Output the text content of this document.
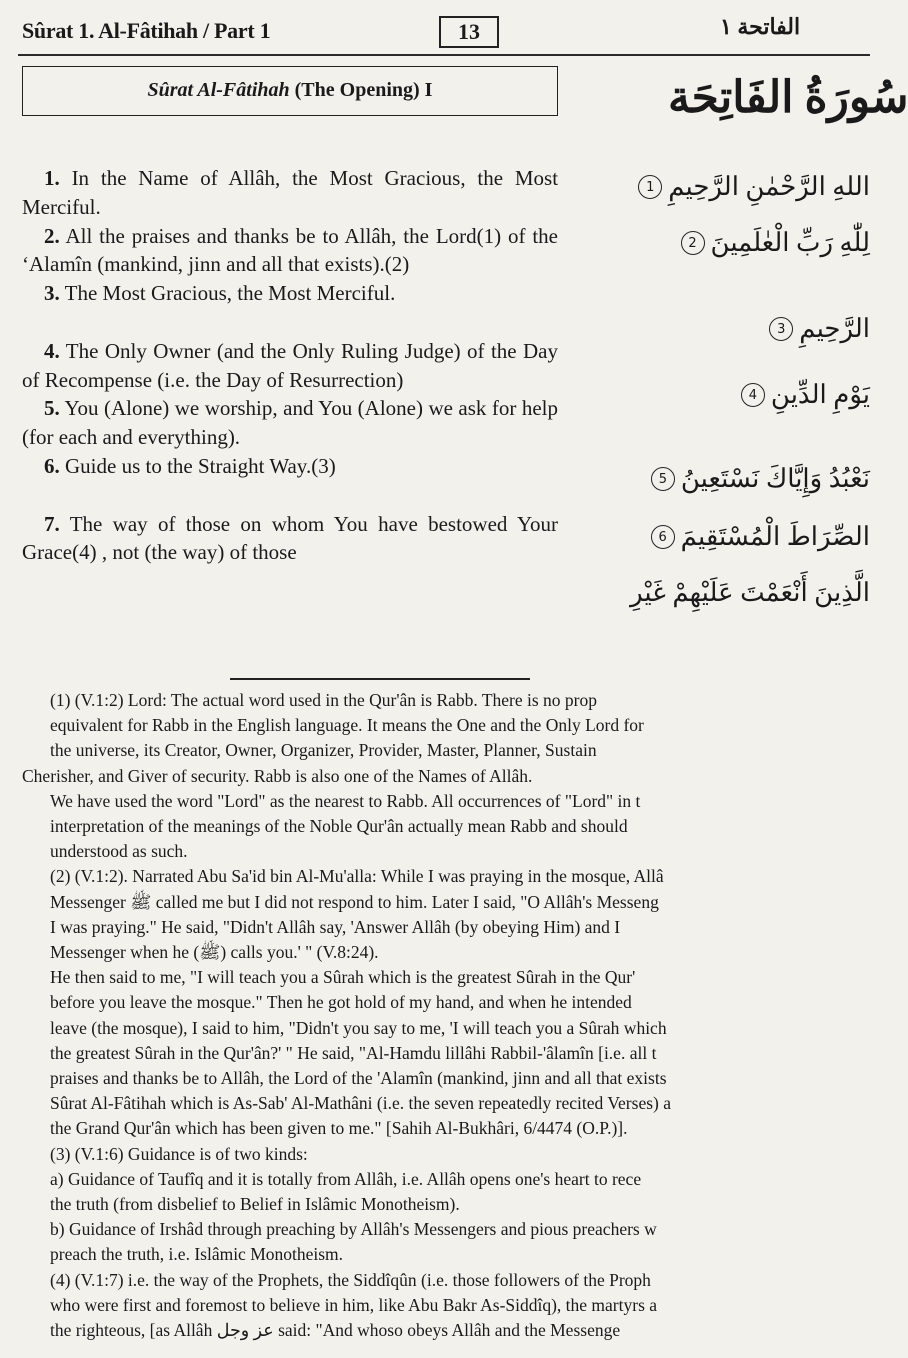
Sûrat 1. Al-Fâtihah / Part 1	13	الفاتحة ١
Sûrat Al-Fâtihah (The Opening) I	سُورَةُ الفَاتِحَة
1. In the Name of Allâh, the Most Gracious, the Most Merciful.
2. All the praises and thanks be to Allâh, the Lord(1) of the ‘Alamîn (mankind, jinn and all that exists).(2)
3. The Most Gracious, the Most Merciful.
4. The Only Owner (and the Only Ruling Judge) of the Day of Recompense (i.e. the Day of Resurrection)
5. You (Alone) we worship, and You (Alone) we ask for help (for each and everything).
6. Guide us to the Straight Way.(3)
7. The way of those on whom You have bestowed Your Grace(4) , not (the way) of those
اللهِ الرَّحْمٰنِ الرَّحِيمِ
1
لِلّٰهِ رَبِّ الْعٰلَمِينَ
2
الرَّحِيمِ
3
يَوْمِ الدِّينِ
4
نَعْبُدُ وَإِيَّاكَ نَسْتَعِينُ
5
الصِّرَاطَ الْمُسْتَقِيمَ
6
الَّذِينَ أَنْعَمْتَ عَلَيْهِمْ غَيْرِ
(1) (V.1:2) Lord: The actual word used in the Qur'ân is Rabb. There is no prop
equivalent for Rabb in the English language. It means the One and the Only Lord for
the universe, its Creator, Owner, Organizer, Provider, Master, Planner, Sustain
Cherisher, and Giver of security. Rabb is also one of the Names of Allâh.
We have used the word "Lord" as the nearest to Rabb. All occurrences of "Lord" in t
interpretation of the meanings of the Noble Qur'ân actually mean Rabb and should
understood as such.
(2) (V.1:2). Narrated Abu Sa'id bin Al-Mu'alla: While I was praying in the mosque, Allâ
Messenger ﷺ called me but I did not respond to him. Later I said, "O Allâh's Messeng
I was praying." He said, "Didn't Allâh say, 'Answer Allâh (by obeying Him) and I
Messenger when he (ﷺ) calls you.' " (V.8:24).
He then said to me, "I will teach you a Sûrah which is the greatest Sûrah in the Qur'
before you leave the mosque." Then he got hold of my hand, and when he intended
leave (the mosque), I said to him, "Didn't you say to me, 'I will teach you a Sûrah which
the greatest Sûrah in the Qur'ân?' " He said, "Al-Hamdu lillâhi Rabbil-'âlamîn [i.e. all t
praises and thanks be to Allâh, the Lord of the 'Alamîn (mankind, jinn and all that exists
Sûrat Al-Fâtihah which is As-Sab' Al-Mathâni (i.e. the seven repeatedly recited Verses) a
the Grand Qur'ân which has been given to me." [Sahih Al-Bukhâri, 6/4474 (O.P.)].
(3) (V.1:6) Guidance is of two kinds:
a) Guidance of Taufîq and it is totally from Allâh, i.e. Allâh opens one's heart to rece
the truth (from disbelief to Belief in Islâmic Monotheism).
b) Guidance of Irshâd through preaching by Allâh's Messengers and pious preachers w
preach the truth, i.e. Islâmic Monotheism.
(4) (V.1:7) i.e. the way of the Prophets, the Siddîqûn (i.e. those followers of the Proph
who were first and foremost to believe in him, like Abu Bakr As-Siddîq), the martyrs a
the righteous, [as Allâh عز وجل said: "And whoso obeys Allâh and the Messenge
